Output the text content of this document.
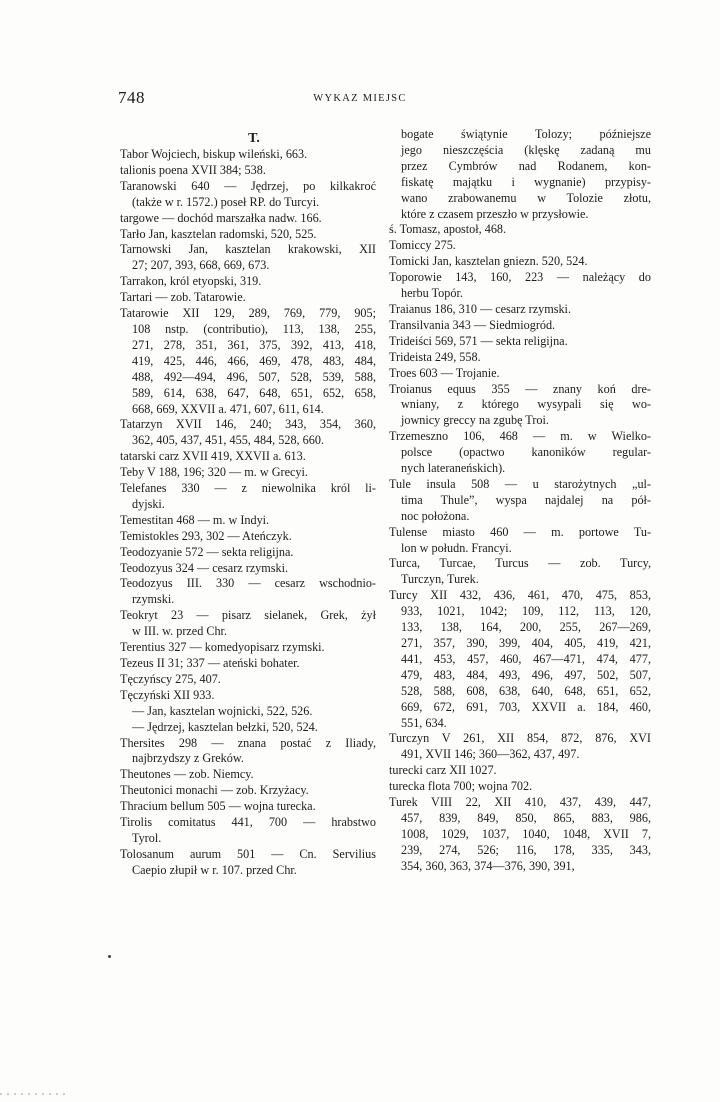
748	WYKAZ MIEJSC
T.
Tabor Wojciech, biskup wileński, 663.
talionis poena XVII 384; 538.
Taranowski 640 — Jędrzej, po kilkakroć
(także w r. 1572.) poseł RP. do Turcyi.
targowe — dochód marszałka nadw. 166.
Tarło Jan, kasztelan radomski, 520, 525.
Tarnowski Jan, kasztelan krakowski, XII
27; 207, 393, 668, 669, 673.
Tarrakon, król etyopski, 319.
Tartari — zob. Tatarowie.
Tatarowie XII 129, 289, 769, 779, 905;
108 nstp. (contributio), 113, 138, 255,
271, 278, 351, 361, 375, 392, 413, 418,
419, 425, 446, 466, 469, 478, 483, 484,
488, 492—494, 496, 507, 528, 539, 588,
589, 614, 638, 647, 648, 651, 652, 658,
668, 669, XXVII a. 471, 607, 611, 614.
Tatarzyn XVII 146, 240; 343, 354, 360,
362, 405, 437, 451, 455, 484, 528, 660.
tatarski carz XVII 419, XXVII a. 613.
Teby V 188, 196; 320 — m. w Grecyi.
Telefanes 330 — z niewolnika król li-
dyjski.
Temestitan 468 — m. w Indyi.
Temistokles 293, 302 — Ateńczyk.
Teodozyanie 572 — sekta religijna.
Teodozyus 324 — cesarz rzymski.
Teodozyus III. 330 — cesarz wschodnio-
rzymski.
Teokryt 23 — pisarz sielanek, Grek, żył
w III. w. przed Chr.
Terentius 327 — komedyopisarz rzymski.
Tezeus II 31; 337 — ateński bohater.
Tęczyńscy 275, 407.
Tęczyński XII 933.
— Jan, kasztelan wojnicki, 522, 526.
— Jędrzej, kasztelan bełzki, 520, 524.
Thersites 298 — znana postać z Iliady,
najbrzydszy z Greków.
Theutones — zob. Niemcy.
Theutonici monachi — zob. Krzyżacy.
Thracium bellum 505 — wojna turecka.
Tirolis comitatus 441, 700 — hrabstwo
Tyrol.
Tolosanum aurum 501 — Cn. Servilius
Caepio złupił w r. 107. przed Chr.
bogate świątynie Tolozy; późniejsze
jego nieszczęścia (klęskę zadaną mu
przez Cymbrów nad Rodanem, kon-
fiskatę majątku i wygnanie) przypisy-
wano zrabowanemu w Tolozie złotu,
które z czasem przeszło w przysłowie.
ś. Tomasz, apostoł, 468.
Tomiccy 275.
Tomicki Jan, kasztelan gniezn. 520, 524.
Toporowie 143, 160, 223 — należący do
herbu Topór.
Traianus 186, 310 — cesarz rzymski.
Transilvania 343 — Siedmiogród.
Trideiści 569, 571 — sekta religijna.
Trideista 249, 558.
Troes 603 — Trojanie.
Troianus equus 355 — znany koń dre-
wniany, z którego wysypali się wo-
jownicy greccy na zgubę Troi.
Trzemeszno 106, 468 — m. w Wielko-
polsce (opactwo kanoników regular-
nych lateraneńskich).
Tule insula 508 — u starożytnych „ul-
tima Thule”, wyspa najdalej na pół-
noc położona.
Tulense miasto 460 — m. portowe Tu-
lon w połudn. Francyi.
Turca, Turcae, Turcus — zob. Turcy,
Turczyn, Turek.
Turcy XII 432, 436, 461, 470, 475, 853,
933, 1021, 1042; 109, 112, 113, 120,
133, 138, 164, 200, 255, 267—269,
271, 357, 390, 399, 404, 405, 419, 421,
441, 453, 457, 460, 467—471, 474, 477,
479, 483, 484, 493, 496, 497, 502, 507,
528, 588, 608, 638, 640, 648, 651, 652,
669, 672, 691, 703, XXVII a. 184, 460,
551, 634.
Turczyn V 261, XII 854, 872, 876, XVI
491, XVII 146; 360—362, 437, 497.
turecki carz XII 1027.
turecka flota 700; wojna 702.
Turek VIII 22, XII 410, 437, 439, 447,
457, 839, 849, 850, 865, 883, 986,
1008, 1029, 1037, 1040, 1048, XVII 7,
239, 274, 526; 116, 178, 335, 343,
354, 360, 363, 374—376, 390, 391,
